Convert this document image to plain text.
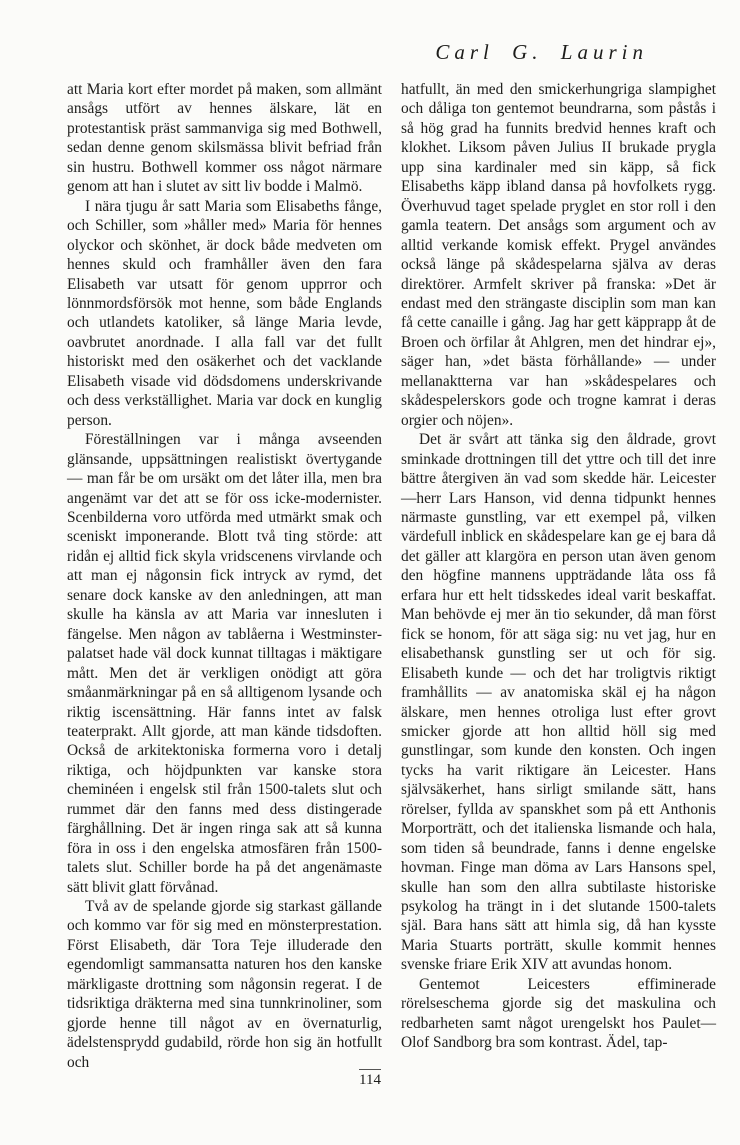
Carl G. Laurin

att Maria kort efter mordet på maken, som allmänt ansågs utfört av hennes älskare, lät en protestantisk präst sammanviga sig med Bothwell, sedan denne genom skilsmässa blivit befriad från sin hustru. Bothwell kommer oss något närmare genom att han i slutet av sitt liv bodde i Malmö.

I nära tjugu år satt Maria som Elisabeths fånge, och Schiller, som »håller med» Maria för hennes olyckor och skönhet, är dock både medveten om hennes skuld och framhåller även den fara Elisabeth var utsatt för genom upprror och lönnmordsförsök mot henne, som både Englands och utlandets katoliker, så länge Maria levde, oavbrutet anordnade. I alla fall var det fullt historiskt med den osäkerhet och det vacklande Elisabeth visade vid dödsdomens underskrivande och dess verkställighet. Maria var dock en kunglig person.

Föreställningen var i många avseenden glänsande, uppsättningen realistiskt övertygande — man får be om ursäkt om det låter illa, men bra angenämt var det att se för oss icke-modernister. Scenbilderna voro utförda med utmärkt smak och sceniskt imponerande. Blott två ting störde: att ridån ej alltid fick skyla vridscenens virvlande och att man ej någonsin fick intryck av rymd, det senare dock kanske av den anledningen, att man skulle ha känsla av att Maria var innesluten i fängelse. Men någon av tablåerna i Westminster-palatset hade väl dock kunnat tilltagas i mäktigare mått. Men det är verkligen onödigt att göra småanmärkningar på en så alltigenom lysande och riktig iscensättning. Här fanns intet av falsk teaterprakt. Allt gjorde, att man kände tidsdoften. Också de arkitektoniska formerna voro i detalj riktiga, och höjdpunkten var kanske stora cheminéen i engelsk stil från 1500-talets slut och rummet där den fanns med dess distingerade färghållning. Det är ingen ringa sak att så kunna föra in oss i den engelska atmosfären från 1500-talets slut. Schiller borde ha på det angenämaste sätt blivit glatt förvånad.

Två av de spelande gjorde sig starkast gällande och kommo var för sig med en mönsterprestation. Först Elisabeth, där Tora Teje illuderade den egendomligt sammansatta naturen hos den kanske märkligaste drottning som någonsin regerat. I de tidsriktiga dräkterna med sina tunnkrinoliner, som gjorde henne till något av en övernaturlig, ädelstensprydd gudabild, rörde hon sig än hotfullt och

hatfullt, än med den smickerhungriga slampighet och dåliga ton gentemot beundrarna, som påstås i så hög grad ha funnits bredvid hennes kraft och klokhet. Liksom påven Julius II brukade prygla upp sina kardinaler med sin käpp, så fick Elisabeths käpp ibland dansa på hovfolkets rygg. Överhuvud taget spelade pryglet en stor roll i den gamla teatern. Det ansågs som argument och av alltid verkande komisk effekt. Prygel användes också länge på skådespelarna själva av deras direktörer. Armfelt skriver på franska: »Det är endast med den strängaste disciplin som man kan få cette canaille i gång. Jag har gett käpprapp åt de Broen och örfilar åt Ahlgren, men det hindrar ej», säger han, »det bästa förhållande» — under mellanaktterna var han »skådespelares och skådespelerskors gode och trogne kamrat i deras orgier och nöjen».

Det är svårt att tänka sig den åldrade, grovt sminkade drottningen till det yttre och till det inre bättre återgiven än vad som skedde här. Leicester—herr Lars Hanson, vid denna tidpunkt hennes närmaste gunstling, var ett exempel på, vilken värdefull inblick en skådespelare kan ge ej bara då det gäller att klargöra en person utan även genom den högfine mannens uppträdande låta oss få erfara hur ett helt tidsskedes ideal varit beskaffat. Man behövde ej mer än tio sekunder, då man först fick se honom, för att säga sig: nu vet jag, hur en elisabethansk gunstling ser ut och för sig. Elisabeth kunde — och det har troligtvis riktigt framhållits — av anatomiska skäl ej ha någon älskare, men hennes otroliga lust efter grovt smicker gjorde att hon alltid höll sig med gunstlingar, som kunde den konsten. Och ingen tycks ha varit riktigare än Leicester. Hans självsäkerhet, hans sirligt smilande sätt, hans rörelser, fyllda av spanskhet som på ett Anthonis Morporträtt, och det italienska lismande och hala, som tiden så beundrade, fanns i denne engelske hovman. Finge man döma av Lars Hansons spel, skulle han som den allra subtilaste historiske psykolog ha trängt in i det slutande 1500-talets själ. Bara hans sätt att himla sig, då han kysste Maria Stuarts porträtt, skulle kommit hennes svenske friare Erik XIV att avundas honom.

Gentemot Leicesters effiminerade rörelseschema gjorde sig det maskulina och redbarheten samt något urengelskt hos Paulet—Olof Sandborg bra som kontrast. Ädel, tap-

114
